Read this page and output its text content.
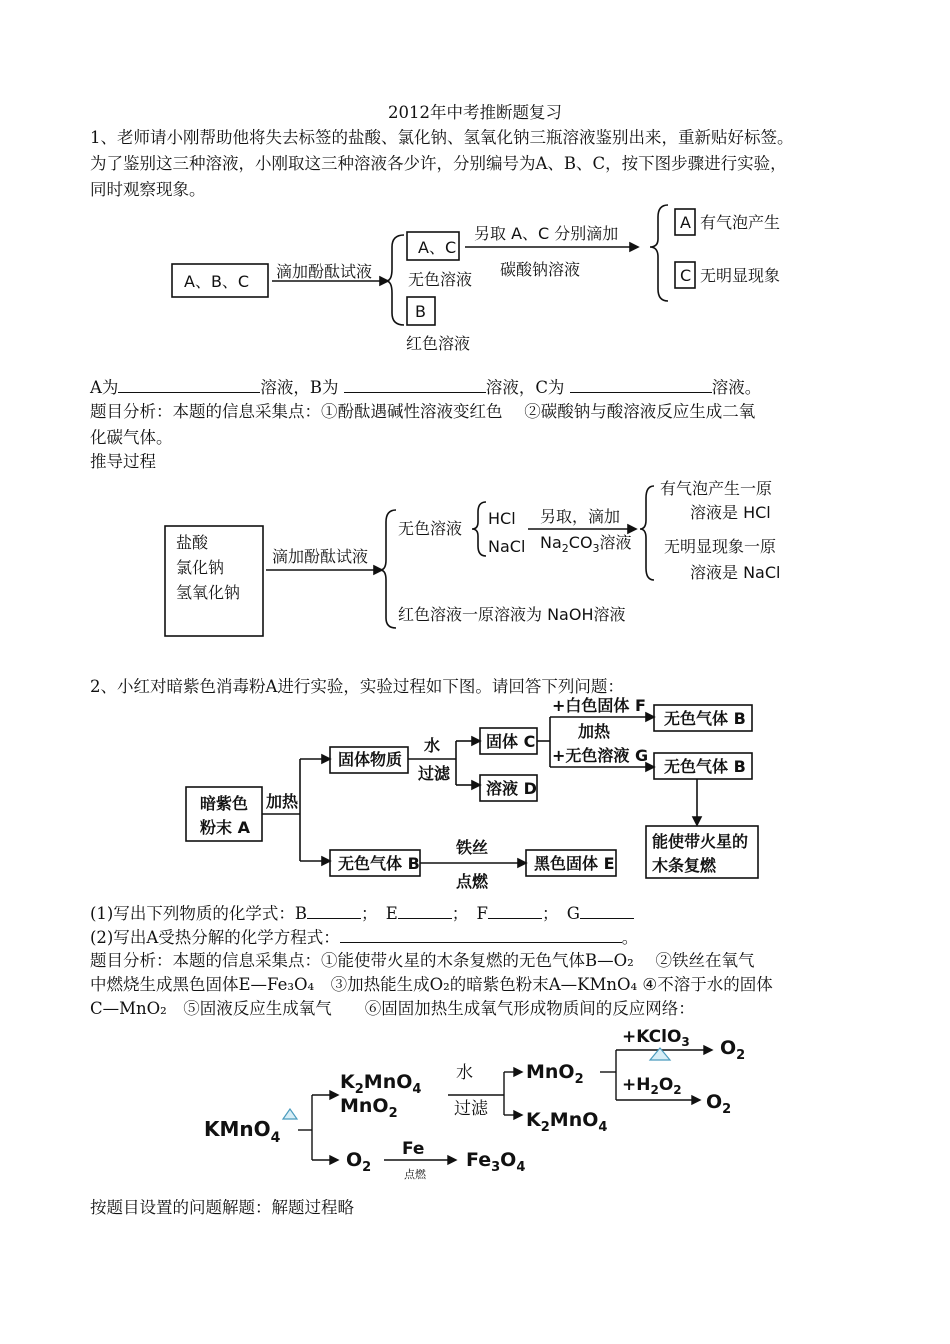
2012年中考推断题复习
1、老师请小刚帮助他将失去标签的盐酸、氯化钠、氢氧化钠三瓶溶液鉴别出来，重新贴好标签。
为了鉴别这三种溶液，小刚取这三种溶液各少许，分别编号为A、B、C，按下图步骤进行实验，
同时观察现象。
A、B、C
滴加酚酞试液
A、C
无色溶液
B
红色溶液
另取 A、C 分别滴加
碳酸钠溶液
A 有气泡产生
C 无明显现象
A为	溶液，B为	溶液，C为	溶液。
题目分析：本题的信息采集点：①酚酞遇碱性溶液变红色　 ②碳酸钠与酸溶液反应生成二氧
化碳气体。
推导过程
盐酸
氯化钠
氢氧化钠
滴加酚酞试液
无色溶液
HCl
NaCl
另取，滴加
$Na_2CO_3$溶液
有气泡产生一原
溶液是 HCl
无明显现象一原
溶液是 NaCl
红色溶液一原溶液为 NaOH溶液
2、小红对暗紫色消毒粉A进行实验，实验过程如下图。请回答下列问题：
暗紫色
粉末 A
加热
固体物质
水
过滤
固体 C
溶液 D
+白色固体 F
加热
+无色溶液 G
无色气体 B
无色气体 B
能使带火星的
木条复燃
无色气体 B
铁丝
点燃
黑色固体 E
(1)写出下列物质的化学式：B	；　E	；　F	；　G
(2)写出A受热分解的化学方程式：	。
题目分析：本题的信息采集点：①能使带火星的木条复燃的无色气体B—O₂　 ②铁丝在氧气
中燃烧生成黑色固体E—Fe₃O₄　③加热能生成O₂的暗紫色粉末A—KMnO₄ ④不溶于水的固体
C—MnO₂　⑤固液反应生成氧气　　⑥固固加热生成氧气形成物质间的反应网络：
KMnO$_4$
$K_2MnO_4$
MnO$_2$
水
过滤
MnO$_2$
$K_2MnO_4$
+KClO$_3$
$+H_2O_2$
$O_2$
$O_2$
$O_2$
Fe
点燃
$Fe_3O_4$
按题目设置的问题解题：解题过程略
